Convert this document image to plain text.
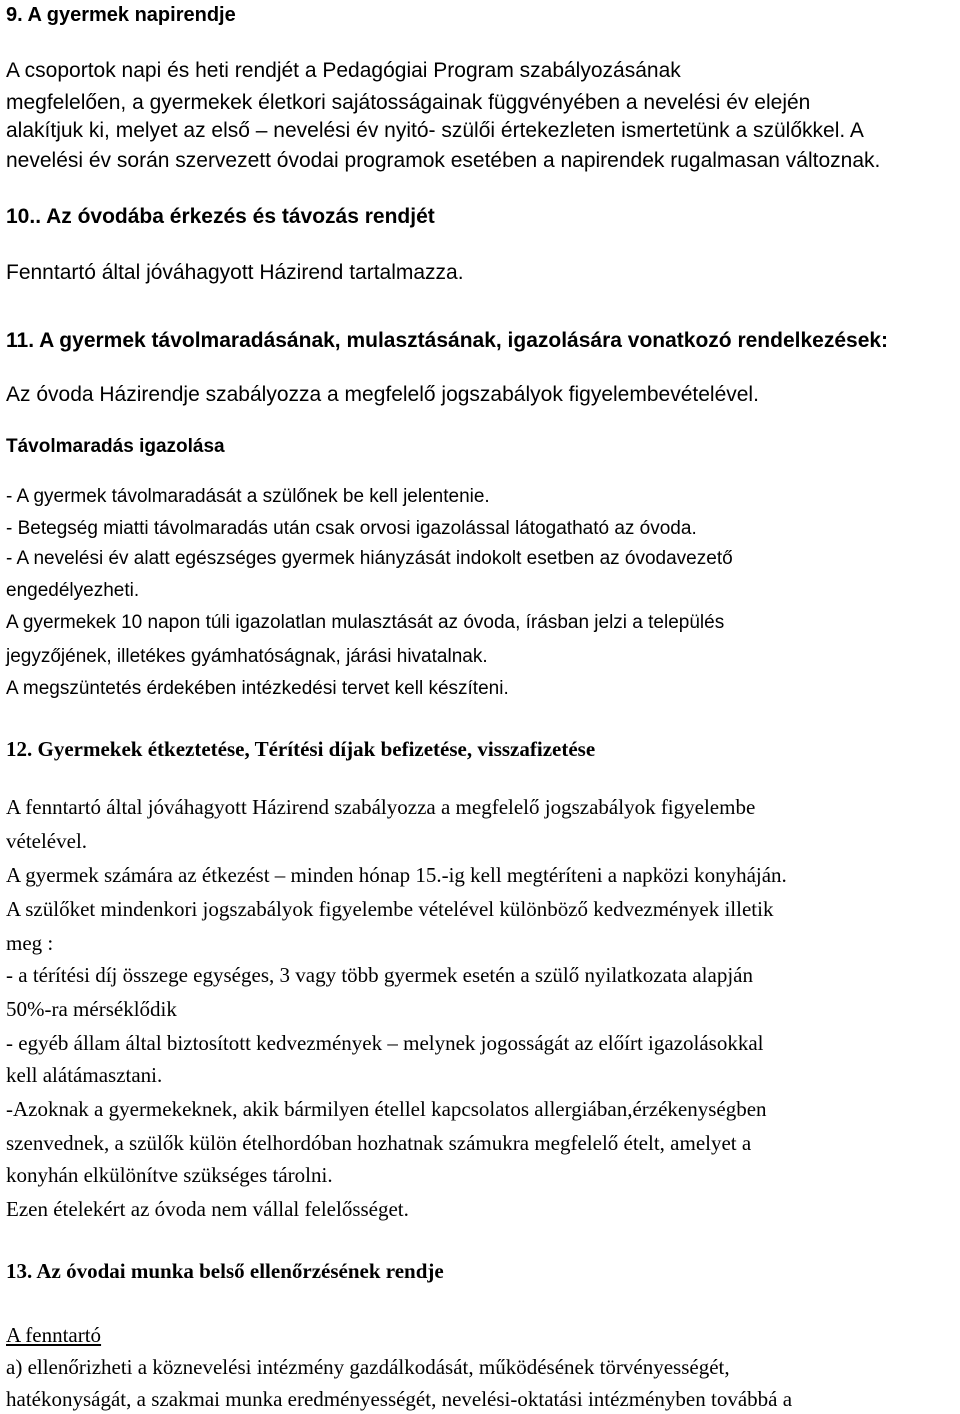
9. A gyermek napirendje
A csoportok napi és heti rendjét a Pedagógiai Program szabályozásának
megfelelően, a gyermekek életkori sajátosságainak függvényében a nevelési év elején
alakítjuk ki, melyet az első – nevelési év nyitó- szülői értekezleten ismertetünk a szülőkkel. A
nevelési év során szervezett óvodai programok esetében a napirendek rugalmasan változnak.
10.. Az óvodába érkezés és távozás rendjét
Fenntartó által jóváhagyott Házirend tartalmazza.
11. A gyermek távolmaradásának, mulasztásának, igazolására vonatkozó rendelkezések:
Az óvoda Házirendje szabályozza a megfelelő jogszabályok figyelembevételével.
Távolmaradás igazolása
- A gyermek távolmaradását a szülőnek be kell jelentenie.
- Betegség miatti távolmaradás után csak orvosi igazolással látogatható az óvoda.
- A nevelési év alatt egészséges gyermek hiányzását indokolt esetben az óvodavezető
engedélyezheti.
A gyermekek 10 napon túli igazolatlan mulasztását az óvoda, írásban jelzi a település
jegyzőjének, illetékes gyámhatóságnak, járási hivatalnak.
A megszüntetés érdekében intézkedési tervet kell készíteni.
12. Gyermekek étkeztetése, Térítési díjak befizetése, visszafizetése
A fenntartó által jóváhagyott Házirend szabályozza a megfelelő jogszabályok figyelembe
vételével.
A gyermek számára az étkezést – minden hónap 15.-ig kell megtéríteni a napközi konyháján.
A szülőket mindenkori jogszabályok figyelembe vételével különböző kedvezmények illetik
meg :
- a térítési díj összege egységes, 3 vagy több gyermek esetén a szülő nyilatkozata alapján
50%-ra mérséklődik
- egyéb állam által biztosított kedvezmények – melynek jogosságát az előírt igazolásokkal
kell alátámasztani.
-Azoknak a gyermekeknek, akik bármilyen étellel kapcsolatos allergiában,érzékenységben
szenvednek, a szülők külön ételhordóban hozhatnak számukra megfelelő ételt, amelyet a
konyhán elkülönítve szükséges tárolni.
Ezen ételekért az óvoda nem vállal felelősséget.
13. Az óvodai munka belső ellenőrzésének rendje
A fenntartó
a) ellenőrizheti a köznevelési intézmény gazdálkodását, működésének törvényességét,
hatékonyságát, a szakmai munka eredményességét, nevelési-oktatási intézményben továbbá a
